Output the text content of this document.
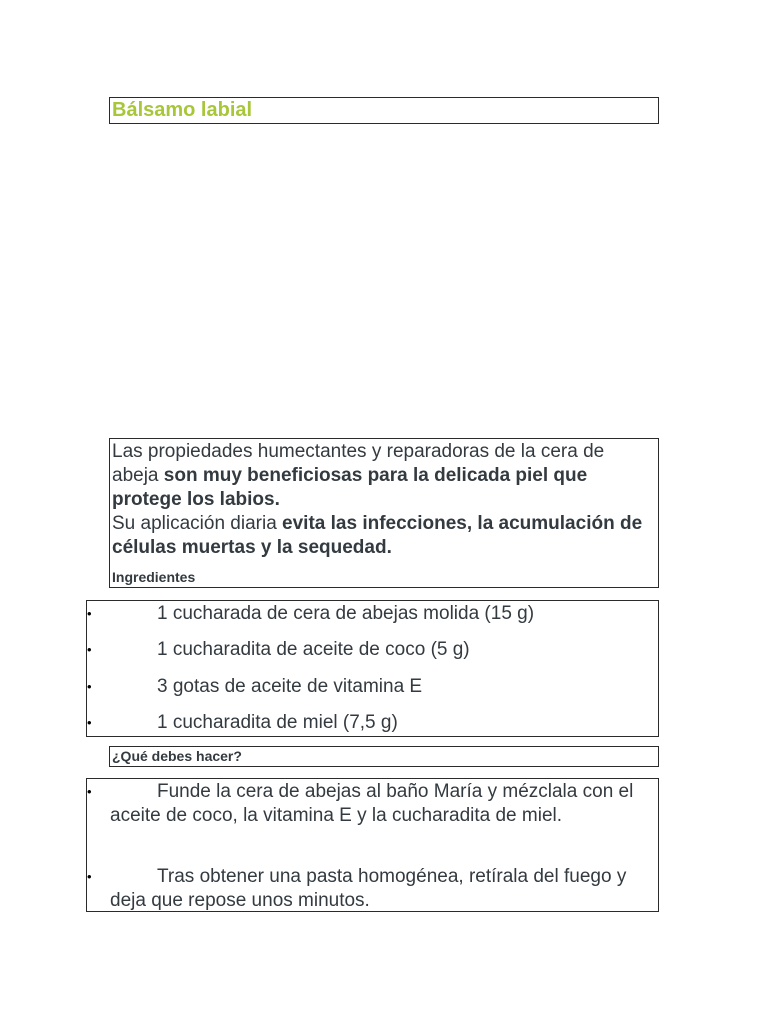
Bálsamo labial
Las propiedades humectantes y reparadoras de la cera de abeja son muy beneficiosas para la delicada piel que protege los labios.
Su aplicación diaria evita las infecciones, la acumulación de células muertas y la sequedad.
Ingredientes
•	1 cucharada de cera de abejas molida (15 g)
•	1 cucharadita de aceite de coco (5 g)
•	3 gotas de aceite de vitamina E
•	1 cucharadita de miel (7,5 g)
¿Qué debes hacer?
•	Funde la cera de abejas al baño María y mézclala con el aceite de coco, la vitamina E y la cucharadita de miel.
•	Tras obtener una pasta homogénea, retírala del fuego y deja que repose unos minutos.
